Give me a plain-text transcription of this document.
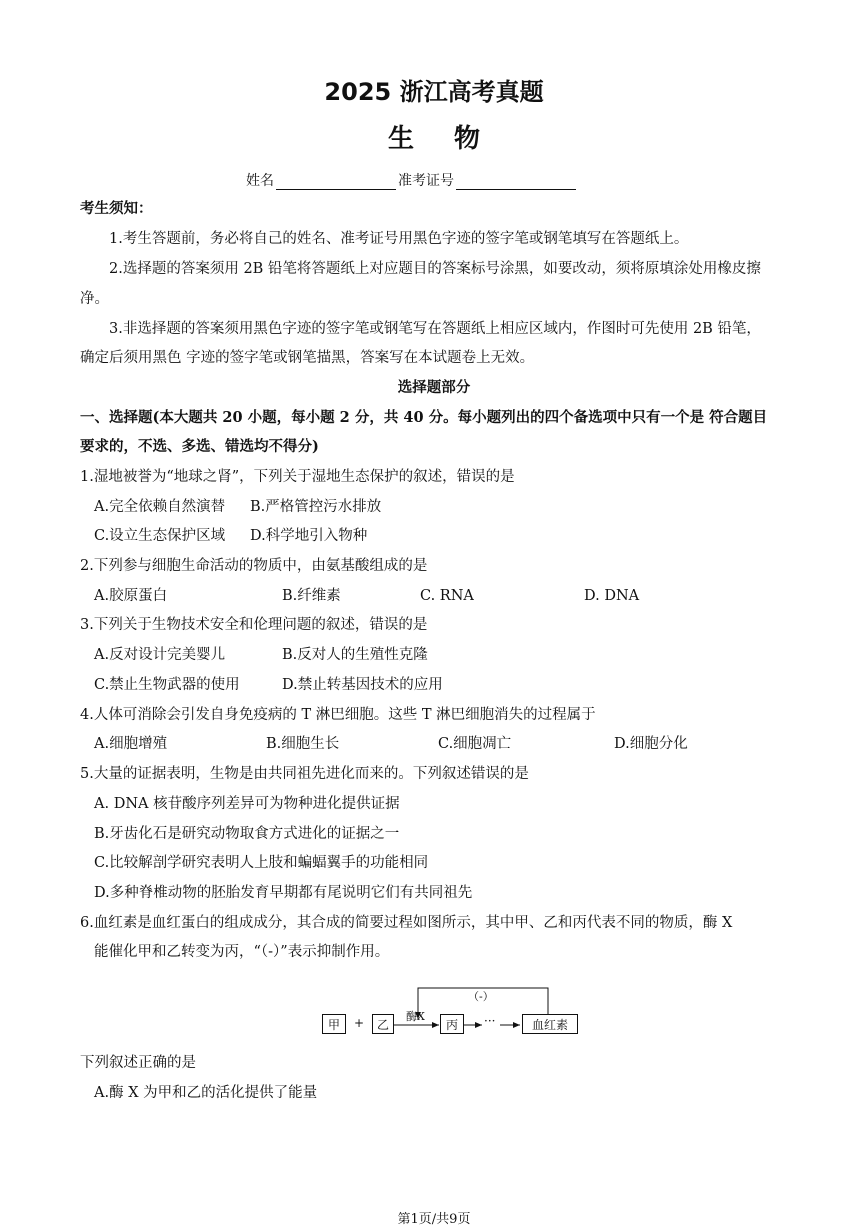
2025 浙江高考真题
生物
姓名	准考证号
考生须知：
1.考生答题前，务必将自己的姓名、准考证号用黑色字迹的签字笔或钢笔填写在答题纸上。
2.选择题的答案须用 2B 铅笔将答题纸上对应题目的答案标号涂黑，如要改动，须将原填涂处用橡皮擦
净。
3.非选择题的答案须用黑色字迹的签字笔或钢笔写在答题纸上相应区域内，作图时可先使用 2B 铅笔，
确定后须用黑色 字迹的签字笔或钢笔描黑，答案写在本试题卷上无效。
选择题部分
一、选择题(本大题共 20 小题，每小题 2 分，共 40 分。每小题列出的四个备选项中只有一个是 符合题目
要求的，不选、多选、错选均不得分)
1.湿地被誉为“地球之肾”，下列关于湿地生态保护的叙述，错误的是
A.完全依赖自然演替 B.严格管控污水排放
C.设立生态保护区域 D.科学地引入物种
2.下列参与细胞生命活动的物质中，由氨基酸组成的是
A.胶原蛋白	B.纤维素	C. RNA	D. DNA
3.下列关于生物技术安全和伦理问题的叙述，错误的是
A.反对设计完美婴儿	B.反对人的生殖性克隆
C.禁止生物武器的使用	D.禁止转基因技术的应用
4.人体可消除会引发自身免疫病的 T 淋巴细胞。这些 T 淋巴细胞消失的过程属于
A.细胞增殖	B.细胞生长	C.细胞凋亡	D.细胞分化
5.大量的证据表明，生物是由共同祖先进化而来的。下列叙述错误的是
A. DNA 核苷酸序列差异可为物种进化提供证据
B.牙齿化石是研究动物取食方式进化的证据之一
C.比较解剖学研究表明人上肢和蝙蝠翼手的功能相同
D.多种脊椎动物的胚胎发育早期都有尾说明它们有共同祖先
6.血红素是血红蛋白的组成成分，其合成的简要过程如图所示，其中甲、乙和丙代表不同的物质，酶 X
能催化甲和乙转变为丙，“（-）”表示抑制作用。
甲	+	乙
酶X
丙	···	血红素
（-）
下列叙述正确的是
A.酶 X 为甲和乙的活化提供了能量
第1页/共9页
